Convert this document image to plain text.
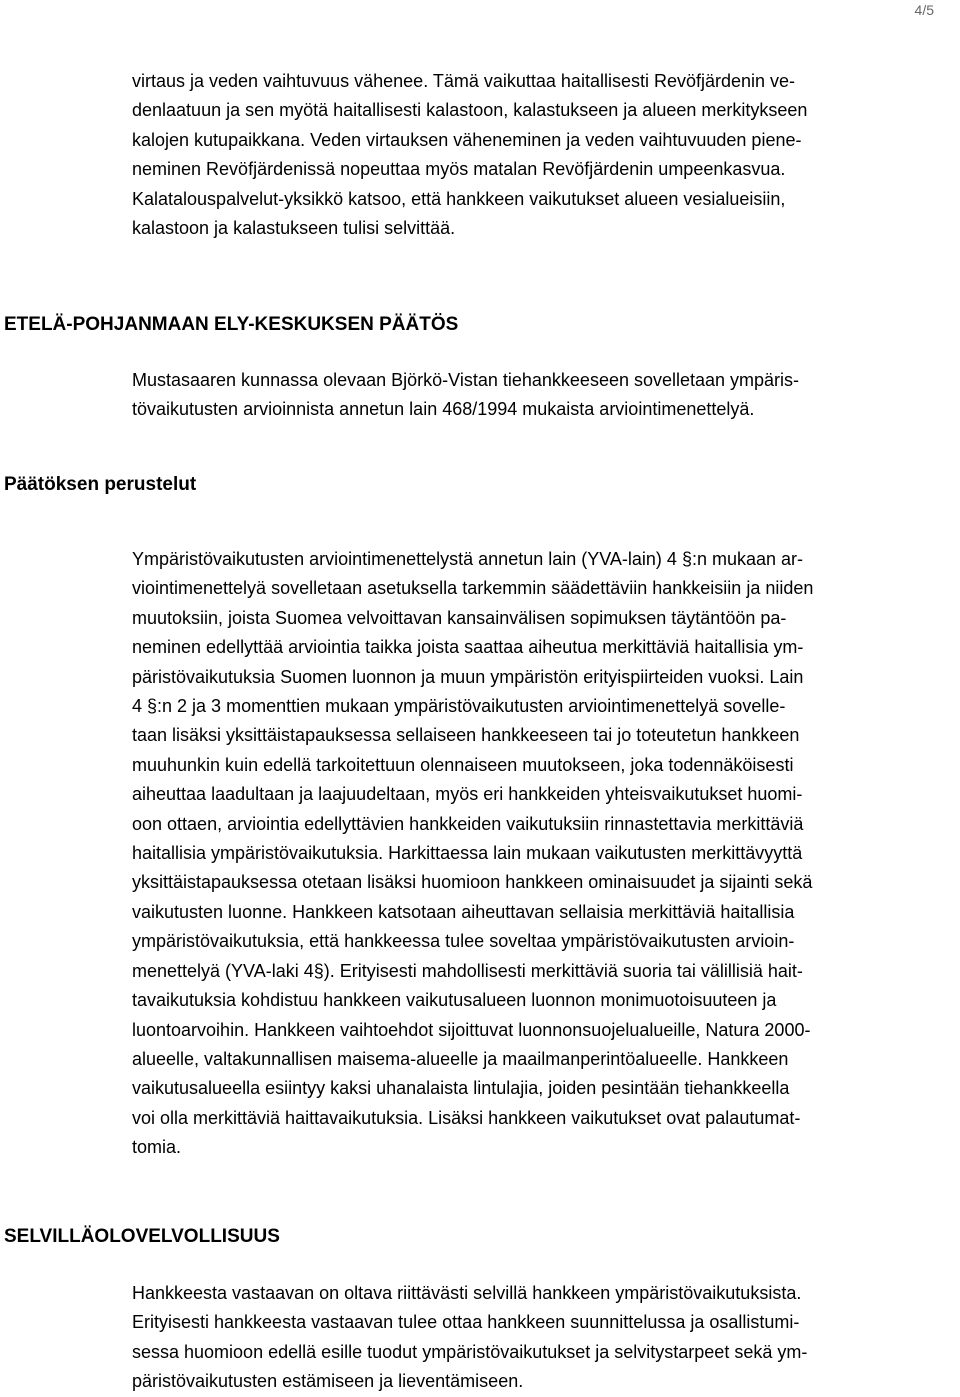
4/5

virtaus ja veden vaihtuvuus vähenee. Tämä vaikuttaa haitallisesti Revöfjärdenin ve-
denlaatuun ja sen myötä haitallisesti kalastoon, kalastukseen ja alueen merkitykseen
kalojen kutupaikkana. Veden virtauksen väheneminen ja veden vaihtuvuuden piene-
neminen Revöfjärdenissä nopeuttaa myös matalan Revöfjärdenin umpeenkasvua.
Kalatalouspalvelut-yksikkö katsoo, että hankkeen vaikutukset alueen vesialueisiin,
kalastoon ja kalastukseen tulisi selvittää.

ETELÄ-POHJANMAAN ELY-KESKUKSEN PÄÄTÖS

Mustasaaren kunnassa olevaan Björkö-Vistan tiehankkeeseen sovelletaan ympäris-
tövaikutusten arvioinnista annetun lain 468/1994 mukaista arviointimenettelyä.

Päätöksen perustelut

Ympäristövaikutusten arviointimenettelystä annetun lain (YVA-lain) 4 §:n mukaan ar-
viointimenettelyä sovelletaan asetuksella tarkemmin säädettäviin hankkeisiin ja niiden
muutoksiin, joista Suomea velvoittavan kansainvälisen sopimuksen täytäntöön pa-
neminen edellyttää arviointia taikka joista saattaa aiheutua merkittäviä haitallisia ym-
päristövaikutuksia Suomen luonnon ja muun ympäristön erityispiirteiden vuoksi. Lain
4 §:n 2 ja 3 momenttien mukaan ympäristövaikutusten arviointimenettelyä sovelle-
taan lisäksi yksittäistapauksessa sellaiseen hankkeeseen tai jo toteutetun hankkeen
muuhunkin kuin edellä tarkoitettuun olennaiseen muutokseen, joka todennäköisesti
aiheuttaa laadultaan ja laajuudeltaan, myös eri hankkeiden yhteisvaikutukset huomi-
oon ottaen, arviointia edellyttävien hankkeiden vaikutuksiin rinnastettavia merkittäviä
haitallisia ympäristövaikutuksia. Harkittaessa lain mukaan vaikutusten merkittävyyttä
yksittäistapauksessa otetaan lisäksi huomioon hankkeen ominaisuudet ja sijainti sekä
vaikutusten luonne. Hankkeen katsotaan aiheuttavan sellaisia merkittäviä haitallisia
ympäristövaikutuksia, että hankkeessa tulee soveltaa ympäristövaikutusten arvioin-
menettelyä (YVA-laki 4§). Erityisesti mahdollisesti merkittäviä suoria tai välillisiä hait-
tavaikutuksia kohdistuu hankkeen vaikutusalueen luonnon monimuotoisuuteen ja
luontoarvoihin. Hankkeen vaihtoehdot sijoittuvat luonnonsuojelualueille, Natura 2000-
alueelle, valtakunnallisen maisema-alueelle ja maailmanperintöalueelle. Hankkeen
vaikutusalueella esiintyy kaksi uhanalaista lintulajia, joiden pesintään tiehankkeella
voi olla merkittäviä haittavaikutuksia. Lisäksi hankkeen vaikutukset ovat palautumat-
tomia.

SELVILLÄOLOVELVOLLISUUS

Hankkeesta vastaavan on oltava riittävästi selvillä hankkeen ympäristövaikutuksista.
Erityisesti hankkeesta vastaavan tulee ottaa hankkeen suunnittelussa ja osallistumi-
sessa huomioon edellä esille tuodut ympäristövaikutukset ja selvitystarpeet sekä ym-
päristövaikutusten estämiseen ja lieventämiseen.
